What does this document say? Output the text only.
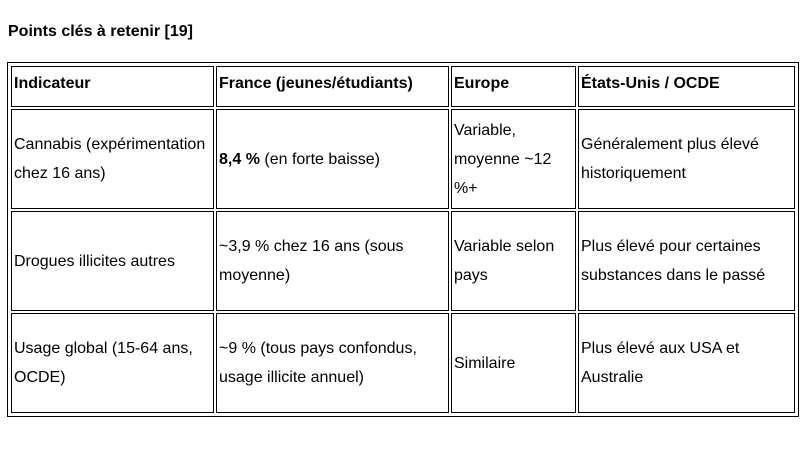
Points clés à retenir [19]
Indicateur	France (jeunes/étudiants)	Europe	États-Unis / OCDE
Cannabis (expérimentation chez 16 ans)	8,4 % (en forte baisse)	Variable, moyenne ~12 %+	Généralement plus élevé historiquement
Drogues illicites autres	~3,9 % chez 16 ans (sous moyenne)	Variable selon pays	Plus élevé pour certaines substances dans le passé
Usage global (15-64 ans, OCDE)	~9 % (tous pays confondus, usage illicite annuel)	Similaire	Plus élevé aux USA et Australie
